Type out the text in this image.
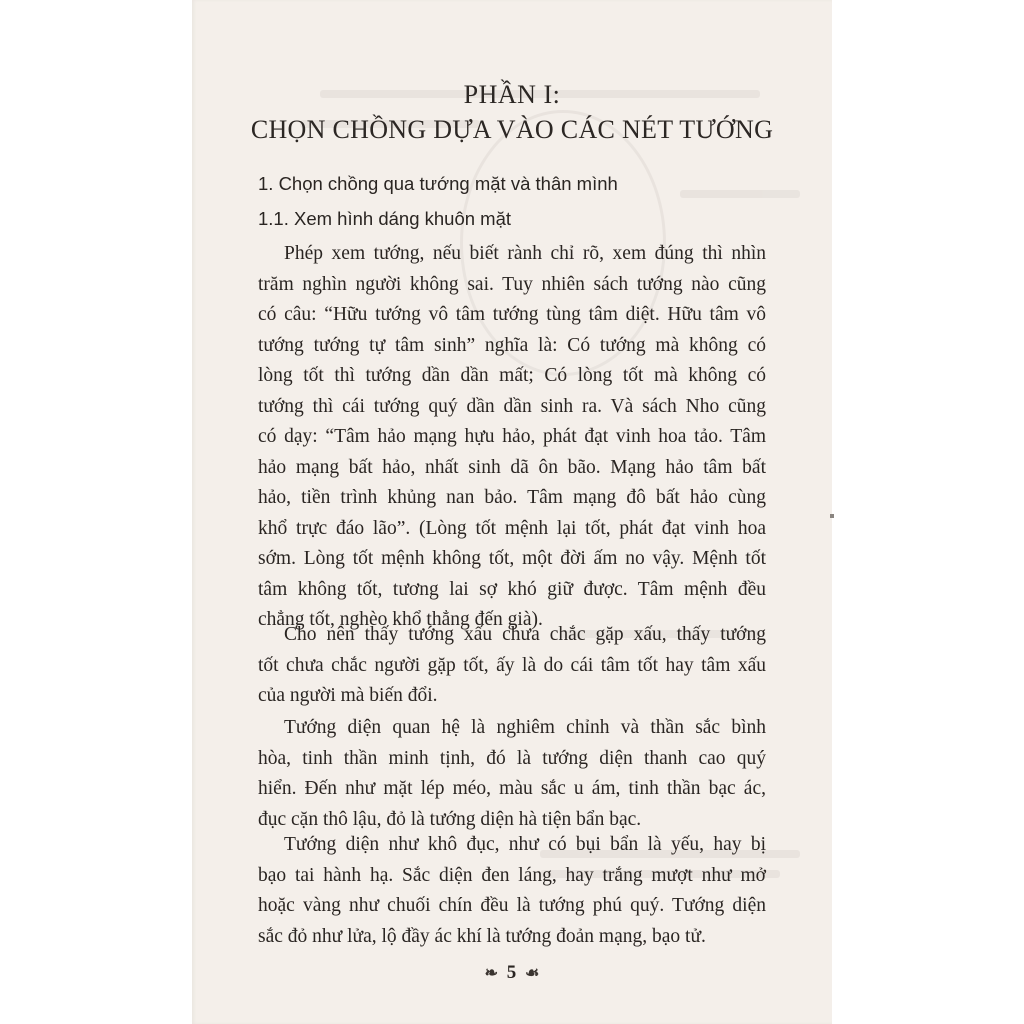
PHẦN I:
CHỌN CHỒNG DỰA VÀO CÁC NÉT TƯỚNG
1. Chọn chồng qua tướng mặt và thân mình
1.1. Xem hình dáng khuôn mặt
Phép xem tướng, nếu biết rành chỉ rõ, xem đúng thì nhìn
trăm nghìn người không sai. Tuy nhiên sách tướng nào cũng
có câu: “Hữu tướng vô tâm tướng tùng tâm diệt. Hữu tâm vô
tướng tướng tự tâm sinh” nghĩa là: Có tướng mà không có
lòng tốt thì tướng dần dần mất; Có lòng tốt mà không có
tướng thì cái tướng quý dần dần sinh ra. Và sách Nho cũng
có dạy: “Tâm hảo mạng hựu hảo, phát đạt vinh hoa tảo. Tâm
hảo mạng bất hảo, nhất sinh dã ôn bão. Mạng hảo tâm bất
hảo, tiền trình khủng nan bảo. Tâm mạng đô bất hảo cùng
khổ trực đáo lão”. (Lòng tốt mệnh lại tốt, phát đạt vinh hoa
sớm. Lòng tốt mệnh không tốt, một đời ấm no vậy. Mệnh tốt
tâm không tốt, tương lai sợ khó giữ được. Tâm mệnh đều
chẳng tốt, nghèo khổ thẳng đến già).
Cho nên thấy tướng xấu chưa chắc gặp xấu, thấy tướng
tốt chưa chắc người gặp tốt, ấy là do cái tâm tốt hay tâm xấu
của người mà biến đổi.
Tướng diện quan hệ là nghiêm chỉnh và thần sắc bình
hòa, tinh thần minh tịnh, đó là tướng diện thanh cao quý
hiển. Đến như mặt lép méo, màu sắc u ám, tinh thần bạc ác,
đục cặn thô lậu, đỏ là tướng diện hà tiện bẩn bạc.
Tướng diện như khô đục, như có bụi bẩn là yếu, hay bị
bạo tai hành hạ. Sắc diện đen láng, hay trắng mượt như mở
hoặc vàng như chuối chín đều là tướng phú quý. Tướng diện
sắc đỏ như lửa, lộ đầy ác khí là tướng đoản mạng, bạo tử.
❧ 5 ☙
